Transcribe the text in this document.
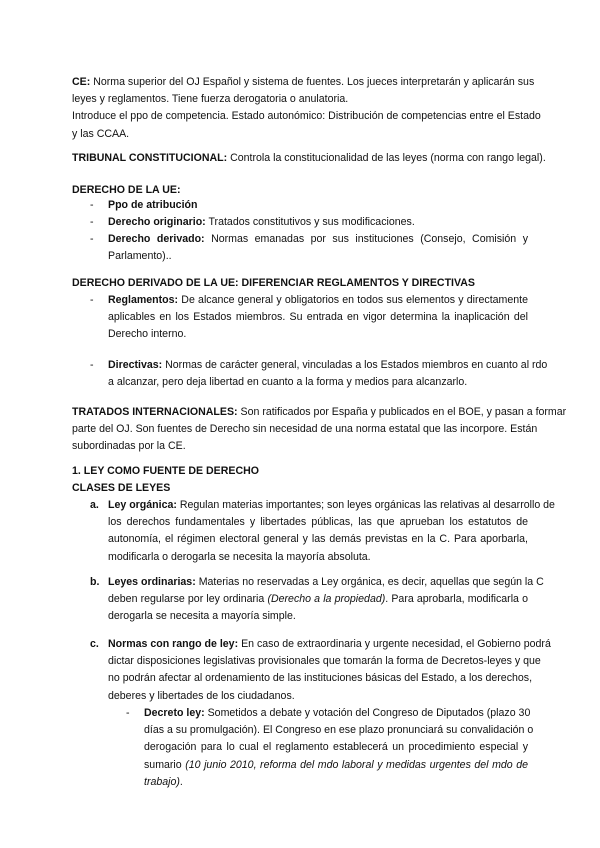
CE: Norma superior del OJ Español y sistema de fuentes. Los jueces interpretarán y aplicarán sus
leyes y reglamentos. Tiene fuerza derogatoria o anulatoria.
Introduce el ppo de competencia. Estado autonómico: Distribución de competencias entre el Estado
y las CCAA.
TRIBUNAL CONSTITUCIONAL: Controla la constitucionalidad de las leyes (norma con rango legal).
DERECHO DE LA UE:
- Ppo de atribución
- Derecho originario: Tratados constitutivos y sus modificaciones.
- Derecho derivado: Normas emanadas por sus instituciones (Consejo, Comisión y
Parlamento)..
DERECHO DERIVADO DE LA UE: DIFERENCIAR REGLAMENTOS Y DIRECTIVAS
- Reglamentos: De alcance general y obligatorios en todos sus elementos y directamente
aplicables en los Estados miembros. Su entrada en vigor determina la inaplicación del
Derecho interno.
- Directivas: Normas de carácter general, vinculadas a los Estados miembros en cuanto al rdo
a alcanzar, pero deja libertad en cuanto a la forma y medios para alcanzarlo.
TRATADOS INTERNACIONALES: Son ratificados por España y publicados en el BOE, y pasan a formar
parte del OJ. Son fuentes de Derecho sin necesidad de una norma estatal que las incorpore. Están
subordinadas por la CE.
1. LEY COMO FUENTE DE DERECHO
CLASES DE LEYES
a. Ley orgánica: Regulan materias importantes; son leyes orgánicas las relativas al desarrollo de
los derechos fundamentales y libertades públicas, las que aprueban los estatutos de
autonomía, el régimen electoral general y las demás previstas en la C. Para aporbarla,
modificarla o derogarla se necesita la mayoría absoluta.
b. Leyes ordinarias: Materias no reservadas a Ley orgánica, es decir, aquellas que según la C
deben regularse por ley ordinaria (Derecho a la propiedad). Para aprobarla, modificarla o
derogarla se necesita a mayoría simple.
c. Normas con rango de ley: En caso de extraordinaria y urgente necesidad, el Gobierno podrá
dictar disposiciones legislativas provisionales que tomarán la forma de Decretos-leyes y que
no podrán afectar al ordenamiento de las instituciones básicas del Estado, a los derechos,
deberes y libertades de los ciudadanos.
- Decreto ley: Sometidos a debate y votación del Congreso de Diputados (plazo 30
días a su promulgación). El Congreso en ese plazo pronunciará su convalidación o
derogación para lo cual el reglamento establecerá un procedimiento especial y
sumario (10 junio 2010, reforma del mdo laboral y medidas urgentes del mdo de
trabajo).
